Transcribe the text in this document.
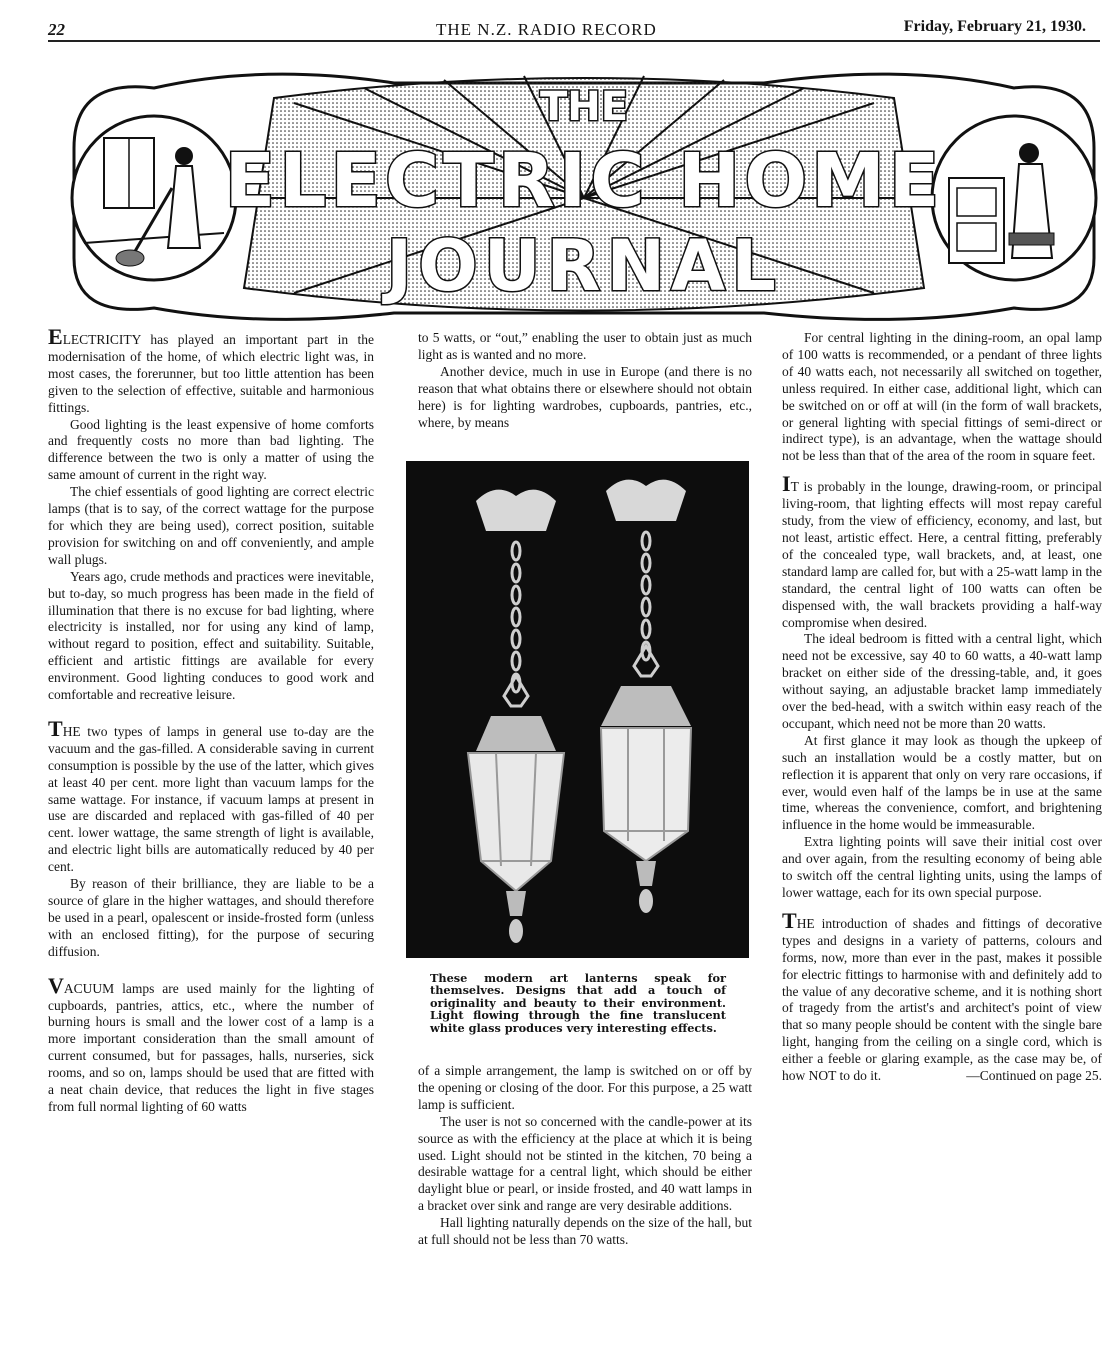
22	THE N.Z. RADIO RECORD	Friday, February 21, 1930.
THE
ELECTRIC HOME
JOURNAL

ELECTRICITY has played an important part in the modernisation of the home, of which electric light was, in most cases, the forerunner, but too little attention has been given to the selection of effective, suitable and harmonious fittings.

Good lighting is the least expensive of home comforts and frequently costs no more than bad lighting. The difference between the two is only a matter of using the same amount of current in the right way.

The chief essentials of good lighting are correct electric lamps (that is to say, of the correct wattage for the purpose for which they are being used), correct position, suitable provision for switching on and off conveniently, and ample wall plugs.

Years ago, crude methods and practices were inevitable, but to-day, so much progress has been made in the field of illumination that there is no excuse for bad lighting, where electricity is installed, nor for using any kind of lamp, without regard to position, effect and suitability. Suitable, efficient and artistic fittings are available for every environment. Good lighting conduces to good work and comfortable and recreative leisure.

THE two types of lamps in general use to-day are the vacuum and the gas-filled. A considerable saving in current consumption is possible by the use of the latter, which gives at least 40 per cent. more light than vacuum lamps for the same wattage. For instance, if vacuum lamps at present in use are discarded and replaced with gas-filled of 40 per cent. lower wattage, the same strength of light is available, and electric light bills are automatically reduced by 40 per cent.

By reason of their brilliance, they are liable to be a source of glare in the higher wattages, and should therefore be used in a pearl, opalescent or inside-frosted form (unless with an enclosed fitting), for the purpose of securing diffusion.

VACUUM lamps are used mainly for the lighting of cupboards, pantries, attics, etc., where the number of burning hours is small and the lower cost of a lamp is a more important consideration than the small amount of current consumed, but for passages, halls, nurseries, sick rooms, and so on, lamps should be used that are fitted with a neat chain device, that reduces the light in five stages from full normal lighting of 60 watts

to 5 watts, or “out,” enabling the user to obtain just as much light as is wanted and no more.

Another device, much in use in Europe (and there is no reason that what obtains there or elsewhere should not obtain here) is for lighting wardrobes, cupboards, pantries, etc., where, by means

These modern art lanterns speak for themselves. Designs that add a touch of originality and beauty to their environment. Light flowing through the fine translucent white glass produces very interesting effects.

of a simple arrangement, the lamp is switched on or off by the opening or closing of the door. For this purpose, a 25 watt lamp is sufficient.

The user is not so concerned with the candle-power at its source as with the efficiency at the place at which it is being used. Light should not be stinted in the kitchen, 70 being a desirable wattage for a central light, which should be either daylight blue or pearl, or inside frosted, and 40 watt lamps in a bracket over sink and range are very desirable additions.

Hall lighting naturally depends on the size of the hall, but at full should not be less than 70 watts.

For central lighting in the dining-room, an opal lamp of 100 watts is recommended, or a pendant of three lights of 40 watts each, not necessarily all switched on together, unless required. In either case, additional light, which can be switched on or off at will (in the form of wall brackets, or general lighting with special fittings of semi-direct or indirect type), is an advantage, when the wattage should not be less than that of the area of the room in square feet.

IT is probably in the lounge, drawing-room, or principal living-room, that lighting effects will most repay careful study, from the view of efficiency, economy, and last, but not least, artistic effect. Here, a central fitting, preferably of the concealed type, wall brackets, and, at least, one standard lamp are called for, but with a 25-watt lamp in the standard, the central light of 100 watts can often be dispensed with, the wall brackets providing a half-way compromise when desired.

The ideal bedroom is fitted with a central light, which need not be excessive, say 40 to 60 watts, a 40-watt lamp bracket on either side of the dressing-table, and, it goes without saying, an adjustable bracket lamp immediately over the bed-head, with a switch within easy reach of the occupant, which need not be more than 20 watts.

At first glance it may look as though the upkeep of such an installation would be a costly matter, but on reflection it is apparent that only on very rare occasions, if ever, would even half of the lamps be in use at the same time, whereas the convenience, comfort, and brightening influence in the home would be immeasurable.

Extra lighting points will save their initial cost over and over again, from the resulting economy of being able to switch off the central lighting units, using the lamps of lower wattage, each for its own special purpose.

THE introduction of shades and fittings of decorative types and designs in a variety of patterns, colours and forms, now, more than ever in the past, makes it possible for electric fittings to harmonise with and definitely add to the value of any decorative scheme, and it is nothing short of tragedy from the artist's and architect's point of view that so many people should be content with the single bare light, hanging from the ceiling on a single cord, which is either a feeble or glaring example, as the case may be, of how NOT to do it.	—Continued on page 25.
